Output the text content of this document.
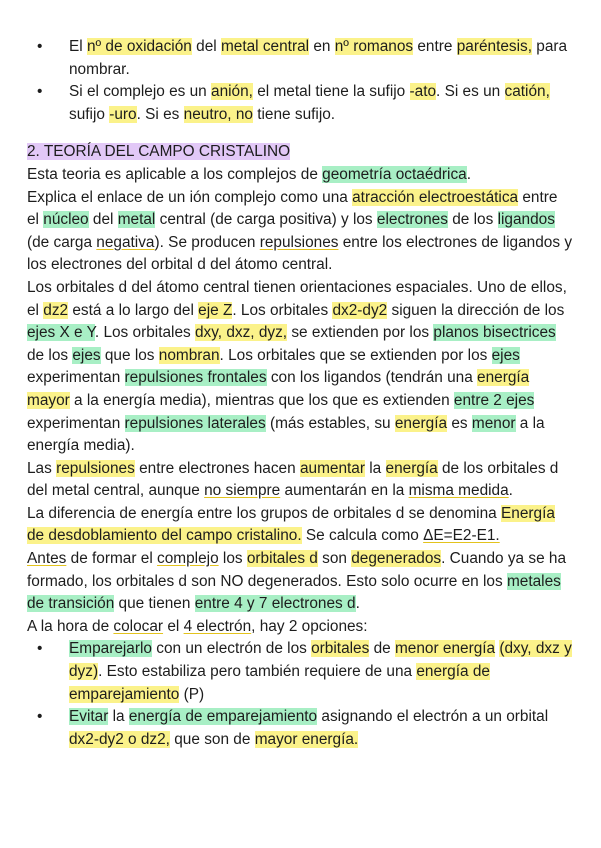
• El nº de oxidación del metal central en nº romanos entre paréntesis, para nombrar.
• Si el complejo es un anión, el metal tiene la sufijo -ato. Si es un catión, sufijo -uro. Si es neutro, no tiene sufijo.
2. TEORÍA DEL CAMPO CRISTALINO

Esta teoria es aplicable a los complejos de geometría octaédrica.

Explica el enlace de un ión complejo como una atracción electroestática entre el núcleo del metal central (de carga positiva) y los electrones de los ligandos (de carga negativa). Se producen repulsiones entre los electrones de ligandos y los electrones del orbital d del átomo central.

Los orbitales d del átomo central tienen orientaciones espaciales. Uno de ellos, el dz2 está a lo largo del eje Z. Los orbitales dx2-dy2 siguen la dirección de los ejes X e Y. Los orbitales dxy, dxz, dyz, se extienden por los planos bisectrices de los ejes que los nombran. Los orbitales que se extienden por los ejes experimentan repulsiones frontales con los ligandos (tendrán una energía mayor a la energía media), mientras que los que es extienden entre 2 ejes experimentan repulsiones laterales (más estables, su energía es menor a la energía media).

Las repulsiones entre electrones hacen aumentar la energía de los orbitales d del metal central, aunque no siempre aumentarán en la misma medida.

La diferencia de energía entre los grupos de orbitales d se denomina Energía de desdoblamiento del campo cristalino. Se calcula como ΔE=E2-E1.

Antes de formar el complejo los orbitales d son degenerados. Cuando ya se ha formado, los orbitales d son NO degenerados. Esto solo ocurre en los metales de transición que tienen entre 4 y 7 electrones d.

A la hora de colocar el 4 electrón, hay 2 opciones:

• Emparejarlo con un electrón de los orbitales de menor energía (dxy, dxz y dyz). Esto estabiliza pero también requiere de una energía de emparejamiento (P)
• Evitar la energía de emparejamiento asignando el electrón a un orbital dx2-dy2 o dz2, que son de mayor energía.
